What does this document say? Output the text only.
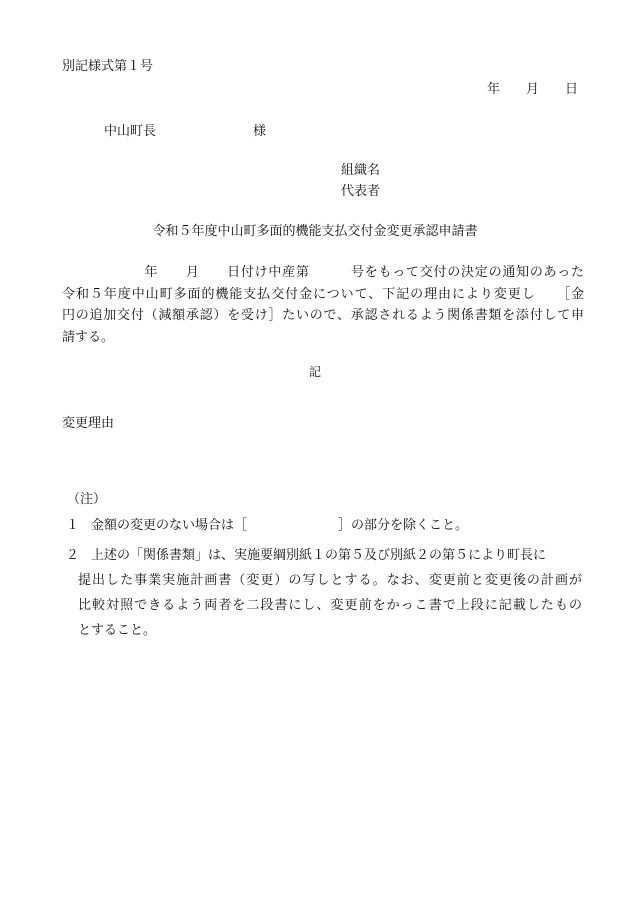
別記様式第１号
年 月 日
中山町長	様
組織名
代表者
令和５年度中山町多面的機能支払交付金変更承認申請書
　　　　　　年　　月　　日付け中産第　　　号をもって交付の決定の通知のあった
令和５年度中山町多面的機能支払交付金について、下記の理由により変更し　　［金
円の追加交付（減額承認）を受け］たいので、承認されるよう関係書類を添付して申
請する。
記
変更理由
（注）
１ 金額の変更のない場合は［　　　　　　　］の部分を除くこと。
２ 上述の「関係書類」は、実施要綱別紙１の第５及び別紙２の第５により町長に
提出した事業実施計画書（変更）の写しとする。なお、変更前と変更後の計画が
比較対照できるよう両者を二段書にし、変更前をかっこ書で上段に記載したもの
とすること。
